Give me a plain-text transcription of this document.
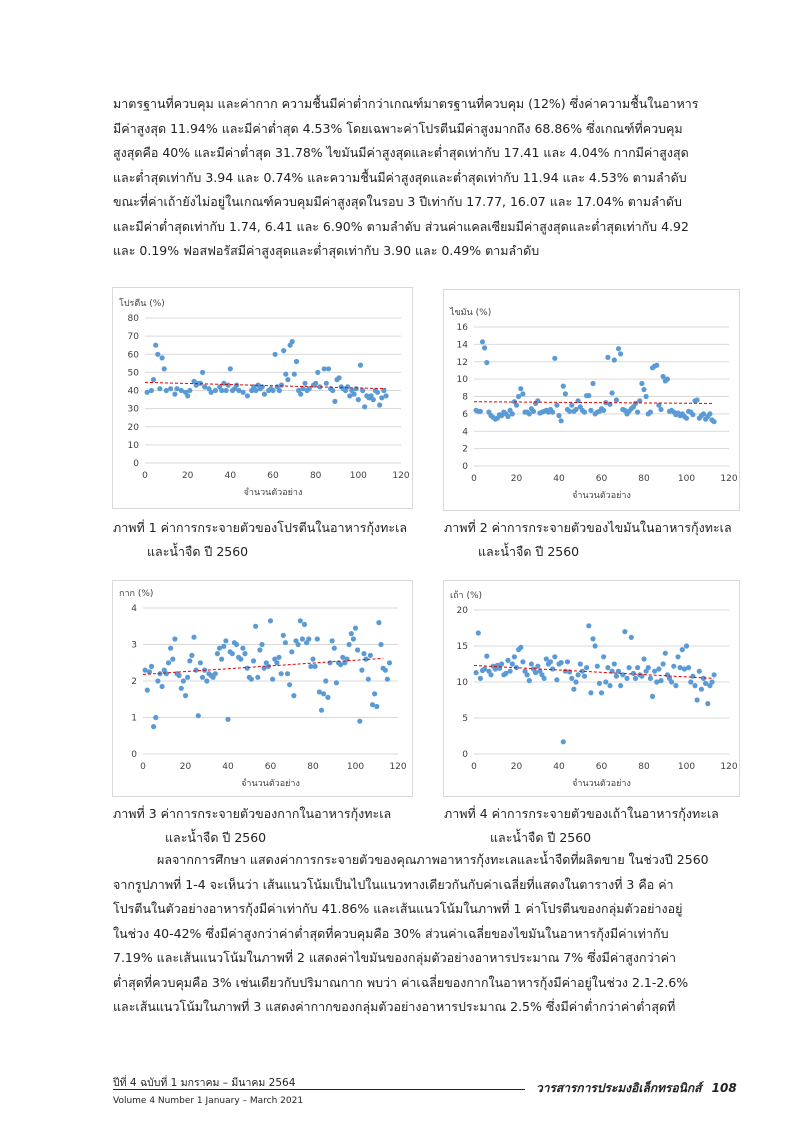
มาตรฐานที่ควบคุม และค่ากาก ความชื้นมีค่าต่ำกว่าเกณฑ์มาตรฐานที่ควบคุม (12%) ซึ่งค่าความชื้นในอาหาร

มีค่าสูงสุด 11.94% และมีค่าต่ำสุด 4.53% โดยเฉพาะค่าโปรตีนมีค่าสูงมากถึง 68.86% ซึ่งเกณฑ์ที่ควบคุม

สูงสุดคือ 40% และมีค่าต่ำสุด 31.78% ไขมันมีค่าสูงสุดและต่ำสุดเท่ากับ 17.41 และ 4.04% กากมีค่าสูงสุด

และต่ำสุดเท่ากับ 3.94 และ 0.74% และความชื้นมีค่าสูงสุดและต่ำสุดเท่ากับ 11.94 และ 4.53% ตามลำดับ

ขณะที่ค่าเถ้ายังไม่อยู่ในเกณฑ์ควบคุมมีค่าสูงสุดในรอบ 3 ปีเท่ากับ 17.77, 16.07 และ 17.04% ตามลำดับ

และมีค่าต่ำสุดเท่ากับ 1.74, 6.41 และ 6.90% ตามลำดับ ส่วนค่าแคลเซียมมีค่าสูงสุดและต่ำสุดเท่ากับ 4.92

และ 0.19% ฟอสฟอรัสมีค่าสูงสุดและต่ำสุดเท่ากับ 3.90 และ 0.49% ตามลำดับ

โปรตีน (%)
0
10
20
30
40
50
60
70
80
0	20	40	60	80	100	120
จำนวนตัวอย่าง
ไขมัน (%)
0
2
4
6
8
10
12
14
16
0	20	40	60	80	100	120
จำนวนตัวอย่าง
กาก (%)
0
1
2
3
4
0	20	40	60	80	100	120
จำนวนตัวอย่าง
เถ้า (%)
0
5
10
15
20
0	20	40	60	80	100	120
จำนวนตัวอย่าง
ภาพที่ 1 ค่าการกระจายตัวของโปรตีนในอาหารกุ้งทะเล
และน้ำจืด ปี 2560
ภาพที่ 2 ค่าการกระจายตัวของไขมันในอาหารกุ้งทะเล
และน้ำจืด ปี 2560
ภาพที่ 3 ค่าการกระจายตัวของกากในอาหารกุ้งทะเล
และน้ำจืด ปี 2560
ภาพที่ 4 ค่าการกระจายตัวของเถ้าในอาหารกุ้งทะเล
และน้ำจืด ปี 2560

ผลจากการศึกษา แสดงค่าการกระจายตัวของคุณภาพอาหารกุ้งทะเลและน้ำจืดที่ผลิตขาย ในช่วงปี 2560

จากรูปภาพที่ 1-4 จะเห็นว่า เส้นแนวโน้มเป็นไปในแนวทางเดียวกันกับค่าเฉลี่ยที่แสดงในตารางที่ 3 คือ ค่า

โปรตีนในตัวอย่างอาหารกุ้งมีค่าเท่ากับ 41.86% และเส้นแนวโน้มในภาพที่ 1 ค่าโปรตีนของกลุ่มตัวอย่างอยู่

ในช่วง 40-42% ซึ่งมีค่าสูงกว่าค่าต่ำสุดที่ควบคุมคือ 30% ส่วนค่าเฉลี่ยของไขมันในอาหารกุ้งมีค่าเท่ากับ

7.19% และเส้นแนวโน้มในภาพที่ 2 แสดงค่าไขมันของกลุ่มตัวอย่างอาหารประมาณ 7% ซึ่งมีค่าสูงกว่าค่า

ต่ำสุดที่ควบคุมคือ 3% เช่นเดียวกับปริมาณกาก พบว่า ค่าเฉลี่ยของกากในอาหารกุ้งมีค่าอยู่ในช่วง 2.1-2.6%

และเส้นแนวโน้มในภาพที่ 3 แสดงค่ากากของกลุ่มตัวอย่างอาหารประมาณ 2.5% ซึ่งมีค่าต่ำกว่าค่าต่ำสุดที่

ปีที่ 4 ฉบับที่ 1 มกราคม – มีนาคม 2564
Volume 4 Number 1 January – March 2021
วารสารการประมงอิเล็กทรอนิกส์ 108
